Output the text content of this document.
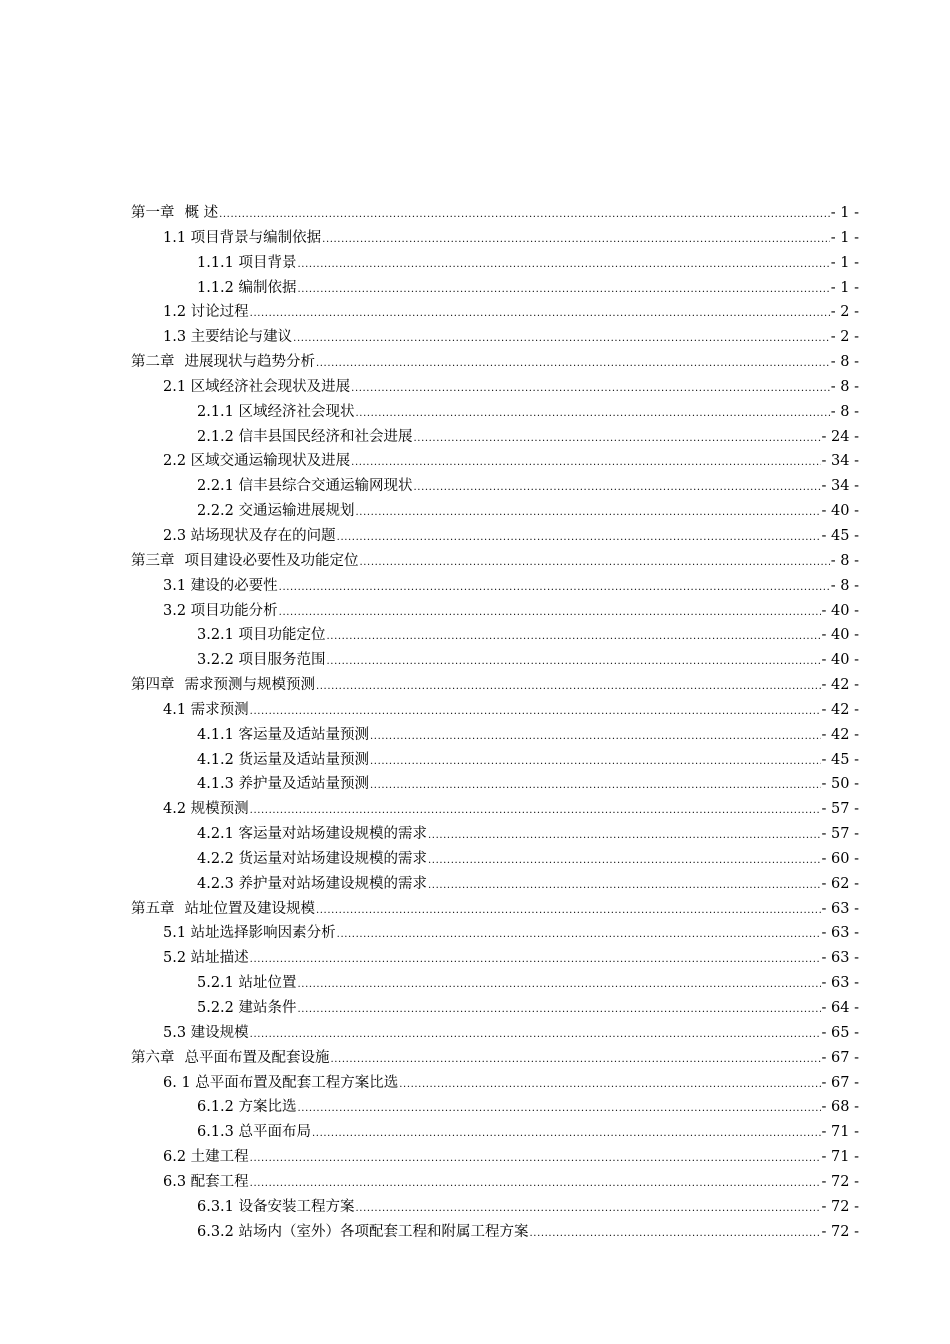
第一章 概 述 .....	- 1 -
1.1 项目背景与编制依据 .....	- 1 -
1.1.1 项目背景 .....	- 1 -
1.1.2 编制依据 .....	- 1 -
1.2 讨论过程 .....	- 2 -
1.3 主要结论与建议 .....	- 2 -
第二章 进展现状与趋势分析 .....	- 8 -
2.1 区域经济社会现状及进展 .....	- 8 -
2.1.1 区域经济社会现状 .....	- 8 -
2.1.2 信丰县国民经济和社会进展 .....	- 24 -
2.2 区域交通运输现状及进展 .....	- 34 -
2.2.1 信丰县综合交通运输网现状 .....	- 34 -
2.2.2 交通运输进展规划 .....	- 40 -
2.3 站场现状及存在的问题 .....	- 45 -
第三章 项目建设必要性及功能定位 .....	- 8 -
3.1 建设的必要性 .....	- 8 -
3.2 项目功能分析 .....	- 40 -
3.2.1 项目功能定位 .....	- 40 -
3.2.2 项目服务范围 .....	- 40 -
第四章 需求预测与规模预测 .....	- 42 -
4.1 需求预测 .....	- 42 -
4.1.1 客运量及适站量预测 .....	- 42 -
4.1.2 货运量及适站量预测 .....	- 45 -
4.1.3 养护量及适站量预测 .....	- 50 -
4.2 规模预测 .....	- 57 -
4.2.1 客运量对站场建设规模的需求 .....	- 57 -
4.2.2 货运量对站场建设规模的需求 .....	- 60 -
4.2.3 养护量对站场建设规模的需求 .....	- 62 -
第五章 站址位置及建设规模 .....	- 63 -
5.1 站址选择影响因素分析 .....	- 63 -
5.2 站址描述 .....	- 63 -
5.2.1 站址位置 .....	- 63 -
5.2.2 建站条件 .....	- 64 -
5.3 建设规模 .....	- 65 -
第六章 总平面布置及配套设施 .....	- 67 -
6. 1 总平面布置及配套工程方案比选 .....	- 67 -
6.1.2 方案比选 .....	- 68 -
6.1.3 总平面布局 .....	- 71 -
6.2 土建工程 .....	- 71 -
6.3 配套工程 .....	- 72 -
6.3.1 设备安装工程方案 .....	- 72 -
6.3.2 站场内（室外）各项配套工程和附属工程方案 .....	- 72 -
